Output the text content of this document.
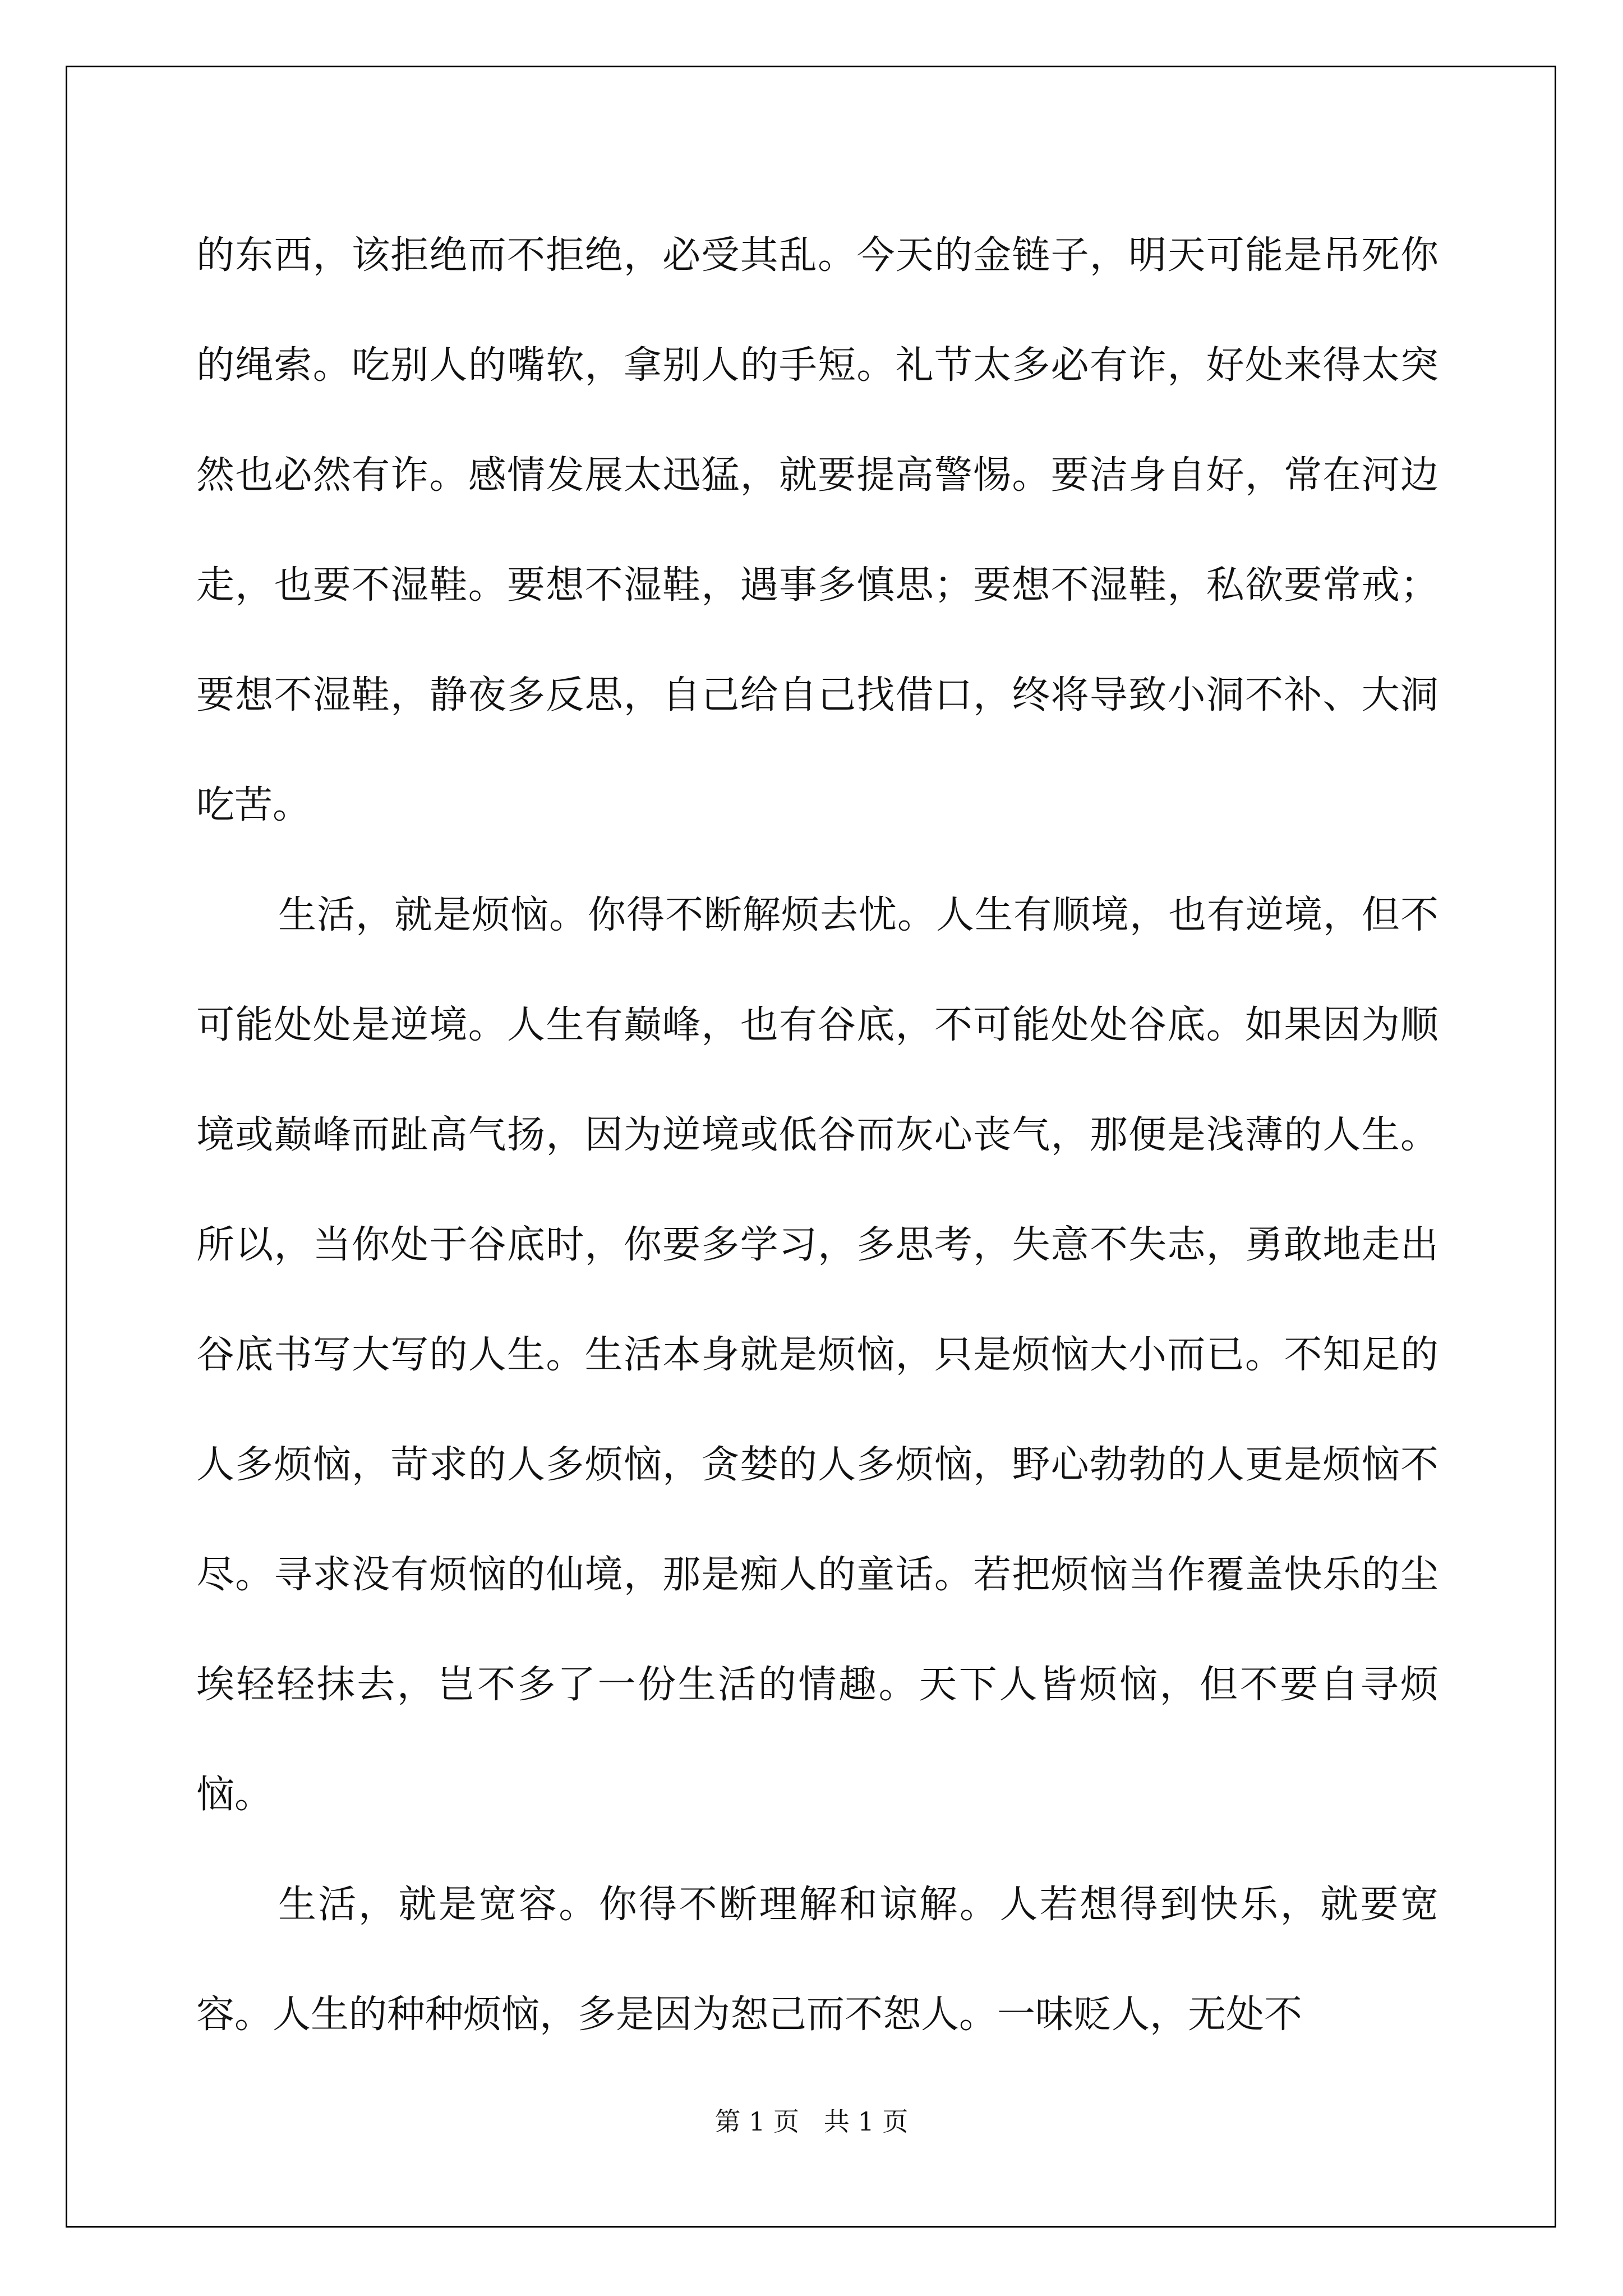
的东西，该拒绝而不拒绝，必受其乱。今天的金链子，明天可能是吊死你的绳索。吃别人的嘴软，拿别人的手短。礼节太多必有诈，好处来得太突然也必然有诈。感情发展太迅猛，就要提高警惕。要洁身自好，常在河边走，也要不湿鞋。要想不湿鞋，遇事多慎思；要想不湿鞋，私欲要常戒；要想不湿鞋，静夜多反思，自己给自己找借口，终将导致小洞不补、大洞吃苦。

生活，就是烦恼。你得不断解烦去忧。人生有顺境，也有逆境，但不可能处处是逆境。人生有巅峰，也有谷底，不可能处处谷底。如果因为顺境或巅峰而趾高气扬，因为逆境或低谷而灰心丧气，那便是浅薄的人生。所以，当你处于谷底时，你要多学习，多思考，失意不失志，勇敢地走出谷底书写大写的人生。生活本身就是烦恼，只是烦恼大小而已。不知足的人多烦恼，苛求的人多烦恼，贪婪的人多烦恼，野心勃勃的人更是烦恼不尽。寻求没有烦恼的仙境，那是痴人的童话。若把烦恼当作覆盖快乐的尘埃轻轻抹去，岂不多了一份生活的情趣。天下人皆烦恼，但不要自寻烦恼。

生活，就是宽容。你得不断理解和谅解。人若想得到快乐，就要宽容。人生的种种烦恼，多是因为恕己而不恕人。一味贬人，无处不

第 1 页   共 1 页
